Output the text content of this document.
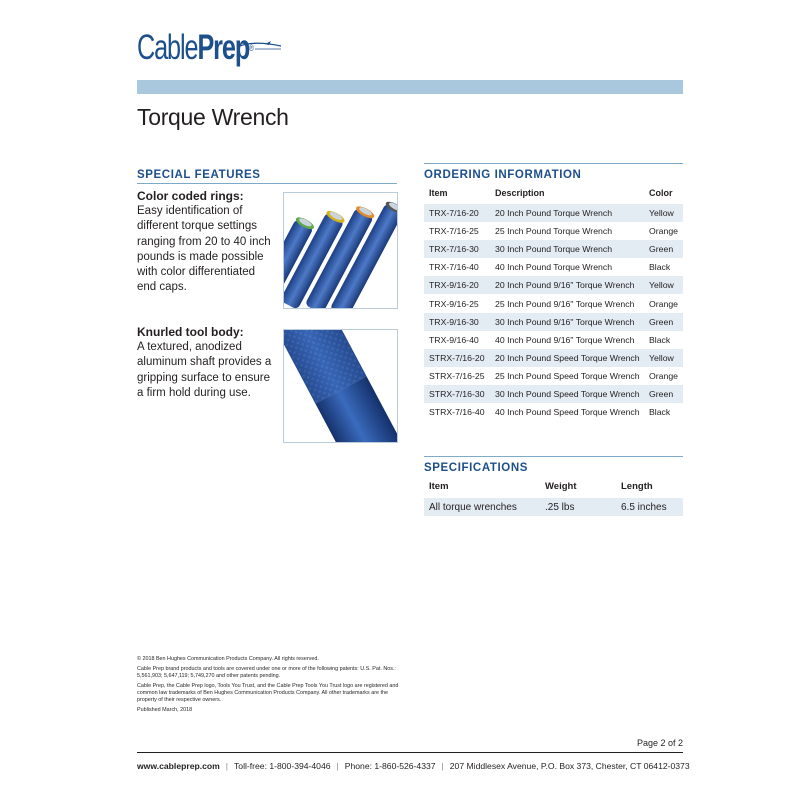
CablePrep®
Torque Wrench
SPECIAL FEATURES
Color coded rings:
Easy identification of different torque settings ranging from 20 to 40 inch pounds is made possible with color differentiated end caps.
Knurled tool body:
A textured, anodized aluminum shaft provides a gripping surface to ensure a firm hold during use.
ORDERING INFORMATION
Item	Description	Color
TRX-7/16-20	20 Inch Pound Torque Wrench	Yellow
TRX-7/16-25	25 Inch Pound Torque Wrench	Orange
TRX-7/16-30	30 Inch Pound Torque Wrench	Green
TRX-7/16-40	40 Inch Pound Torque Wrench	Black
TRX-9/16-20	20 Inch Pound 9/16" Torque Wrench	Yellow
TRX-9/16-25	25 Inch Pound 9/16" Torque Wrench	Orange
TRX-9/16-30	30 Inch Pound 9/16" Torque Wrench	Green
TRX-9/16-40	40 Inch Pound 9/16" Torque Wrench	Black
STRX-7/16-20	20 Inch Pound Speed Torque Wrench	Yellow
STRX-7/16-25	25 Inch Pound Speed Torque Wrench	Orange
STRX-7/16-30	30 Inch Pound Speed Torque Wrench	Green
STRX-7/16-40	40 Inch Pound Speed Torque Wrench	Black
SPECIFICATIONS
Item	Weight	Length
All torque wrenches	.25 lbs	6.5 inches

© 2018 Ben Hughes Communication Products Company. All rights reserved.

Cable Prep brand products and tools are covered under one or more of the following patents: U.S. Pat. Nos.: 5,561,903; 5,647,119; 5,749,270 and other patents pending.

Cable Prep, the Cable Prep logo, Tools You Trust, and the Cable Prep Tools You Trust logo are registered and common law trademarks of Ben Hughes Communication Products Company. All other trademarks are the property of their respective owners.

Published March, 2018

Page 2 of 2
www.cableprep.com | Toll-free: 1-800-394-4046 | Phone: 1-860-526-4337 | 207 Middlesex Avenue, P.O. Box 373, Chester, CT 06412-0373
